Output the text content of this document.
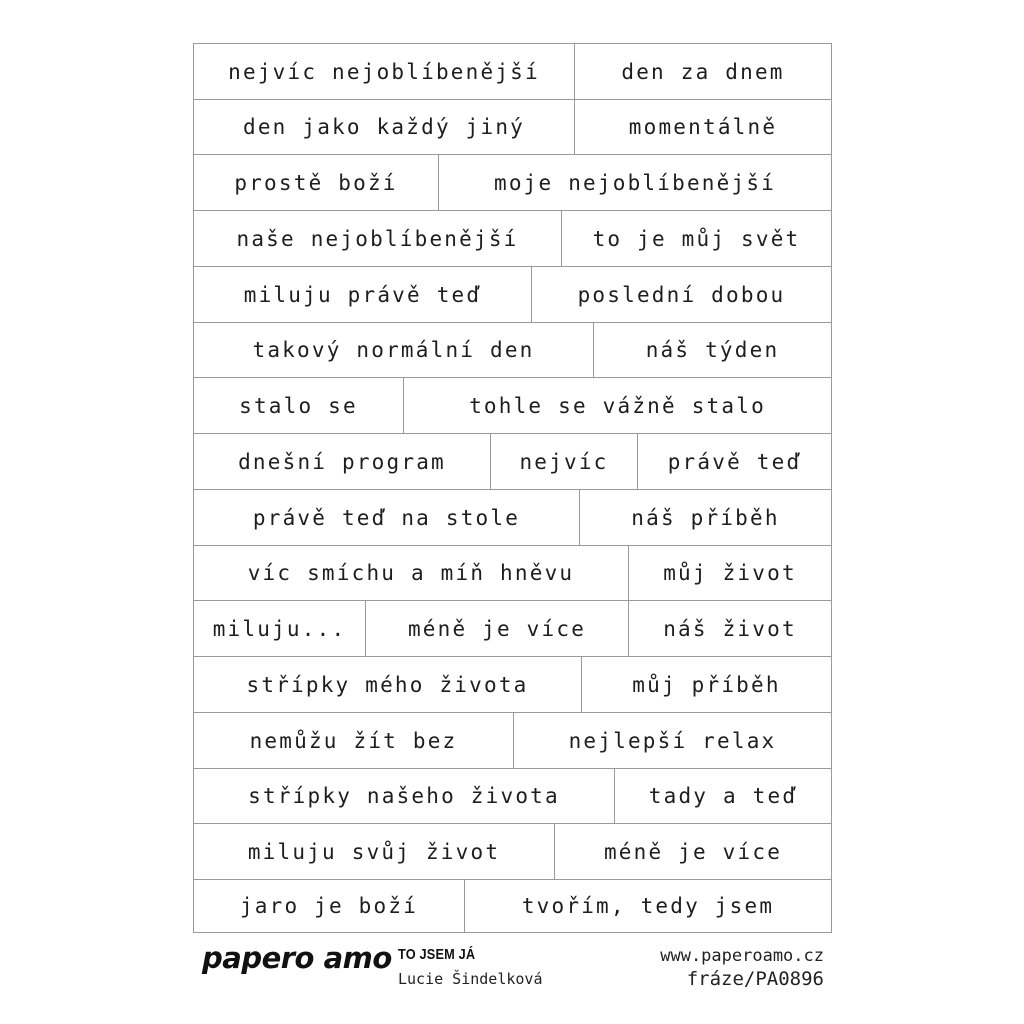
nejvíc nejoblíbenější	den za dnem
den jako každý jiný	momentálně
prostě boží	moje nejoblíbenější
naše nejoblíbenější	to je můj svět
miluju právě teď	poslední dobou
takový normální den	náš týden
stalo se	tohle se vážně stalo
dnešní program	nejvíc	právě teď
právě teď na stole	náš příběh
víc smíchu a míň hněvu	můj život
miluju...	méně je více	náš život
střípky mého života	můj příběh
nemůžu žít bez	nejlepší relax
střípky našeho života	tady a teď
miluju svůj život	méně je více
jaro je boží	tvořím, tedy jsem
papero amo TO JSEM JÁ
Lucie Šindelková
www.paperoamo.cz
fráze/PA0896
